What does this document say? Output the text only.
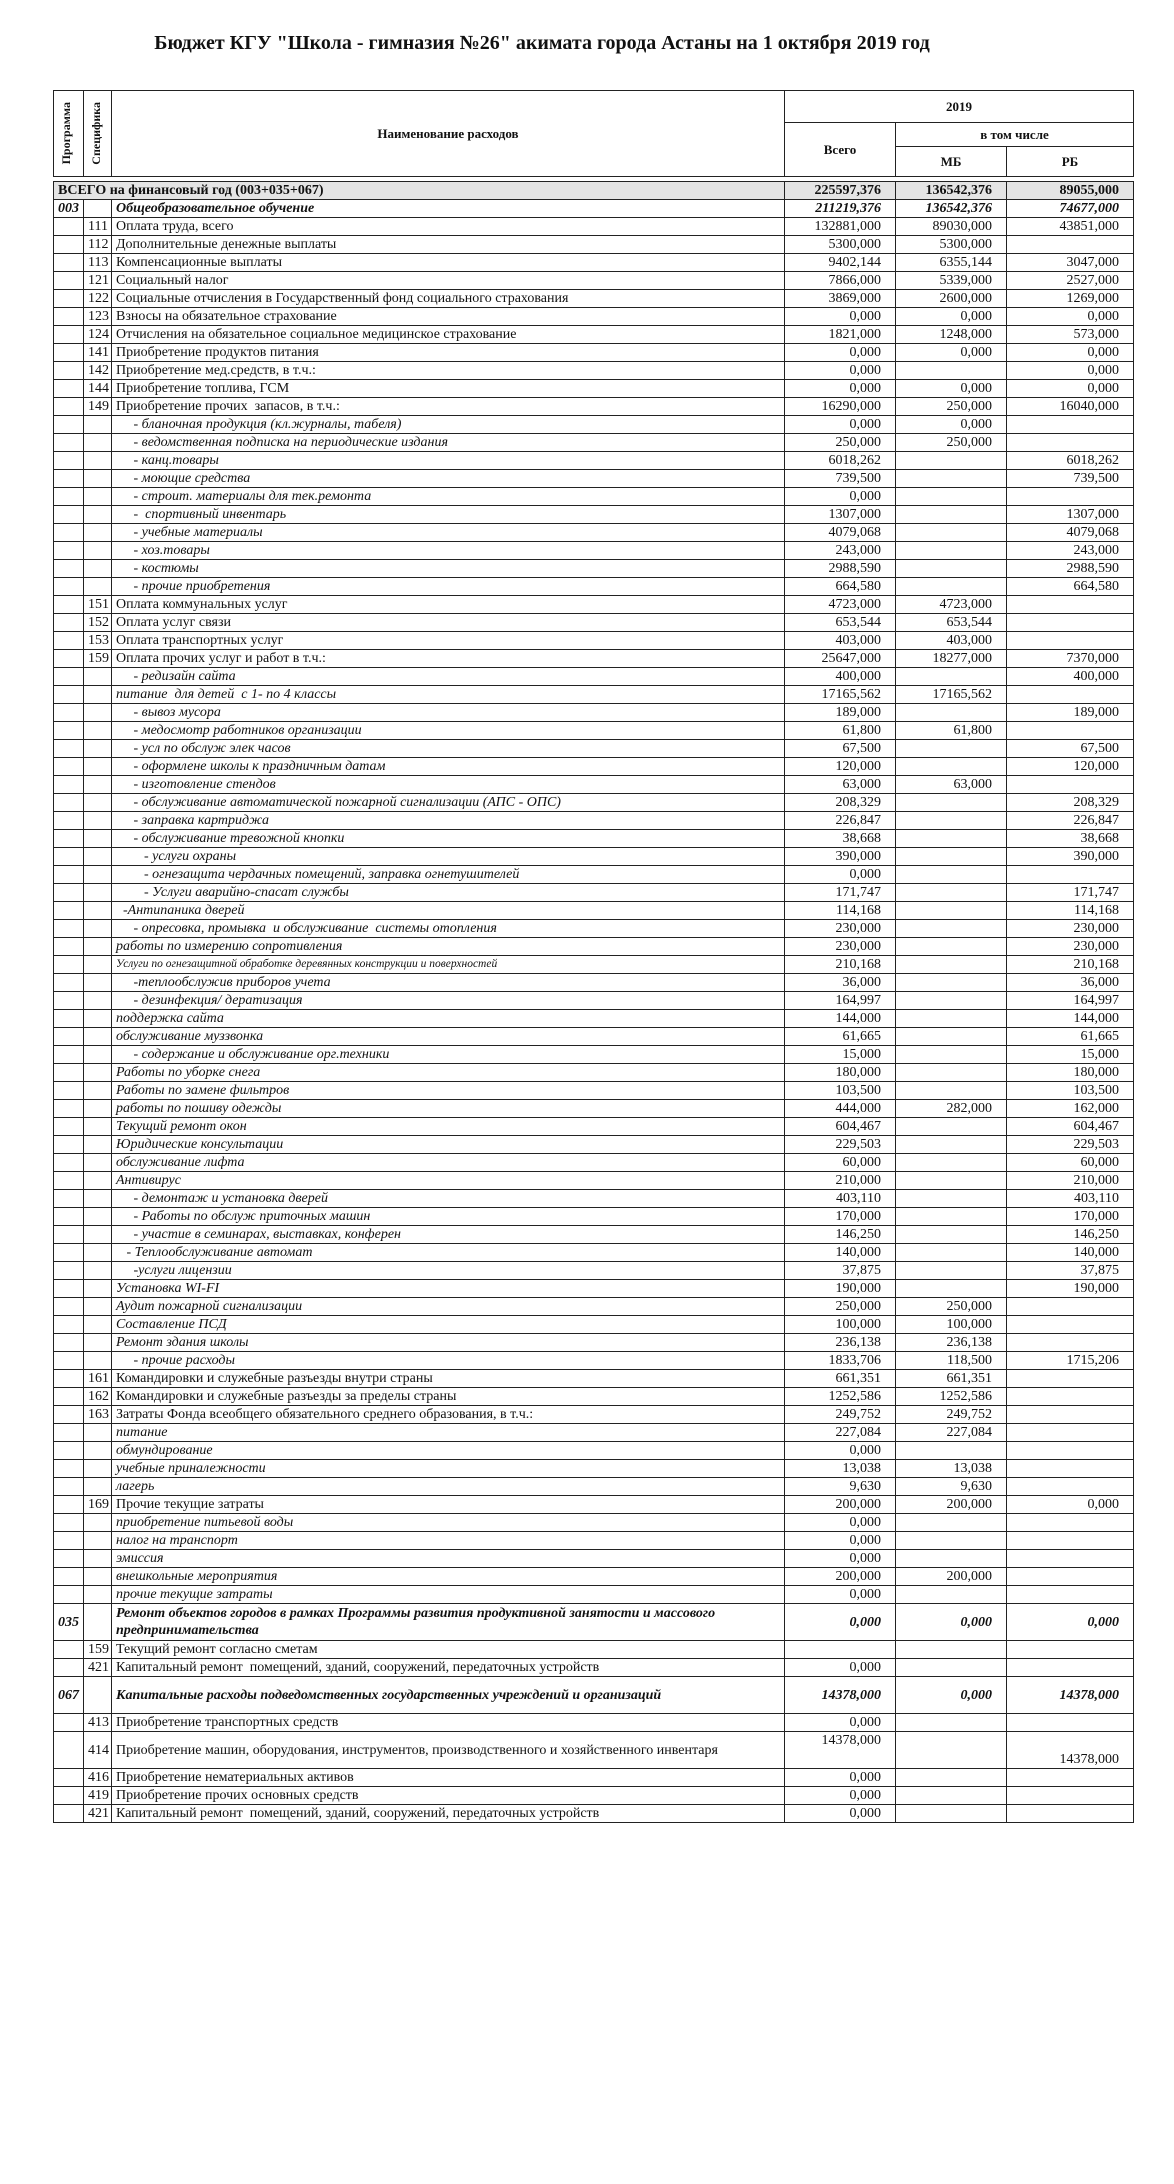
Бюджет КГУ "Школа - гимназия №26" акимата города Астаны на 1 октября 2019 год
Программа	Специфика	Наименование расходов	2019		
			Всего	в том числе	
				МБ	РБ

ВСЕГО на финансовый год (003+035+067)			225597,376	136542,376	89055,000
003		Общеобразовательное обучение	211219,376	136542,376	74677,000
	111	Оплата труда, всего	132881,000	89030,000	43851,000
	112	Дополнительные денежные выплаты	5300,000	5300,000	
	113	Компенсационные выплаты	9402,144	6355,144	3047,000
	121	Социальный налог	7866,000	5339,000	2527,000
	122	Социальные отчисления в Государственный фонд социального страхования	3869,000	2600,000	1269,000
	123	Взносы на обязательное страхование	0,000	0,000	0,000
	124	Отчисления на обязательное социальное медицинское страхование	1821,000	1248,000	573,000
	141	Приобретение продуктов питания	0,000	0,000	0,000
	142	Приобретение мед.средств, в т.ч.:	0,000		0,000
	144	Приобретение топлива, ГСМ	0,000	0,000	0,000
	149	Приобретение прочих  запасов, в т.ч.:	16290,000	250,000	16040,000
		- бланочная продукция (кл.журналы, табеля)	0,000	0,000	
		- ведомственная подписка на периодические издания	250,000	250,000	
		- канц.товары	6018,262		6018,262
		- моющие средства	739,500		739,500
		- строит. материалы для тек.ремонта	0,000		
		-  спортивный инвентарь	1307,000		1307,000
		- учебные материалы	4079,068		4079,068
		- хоз.товары	243,000		243,000
		- костюмы	2988,590		2988,590
		- прочие приобретения	664,580		664,580
	151	Оплата коммунальных услуг	4723,000	4723,000	
	152	Оплата услуг связи	653,544	653,544	
	153	Оплата транспортных услуг	403,000	403,000	
	159	Оплата прочих услуг и работ в т.ч.:	25647,000	18277,000	7370,000
		- редизайн сайта	400,000		400,000
		питание  для детей  с 1- по 4 классы	17165,562	17165,562	
		- вывоз мусора	189,000		189,000
		- медосмотр работников организации	61,800	61,800	
		- усл по обслуж элек часов	67,500		67,500
		- оформлене школы к праздничным датам	120,000		120,000
		- изготовление стендов	63,000	63,000	
		- обслуживание автоматической пожарной сигнализации (АПС - ОПС)	208,329		208,329
		- заправка картриджа	226,847		226,847
		- обслуживание тревожной кнопки	38,668		38,668
		- услуги охраны	390,000		390,000
		- огнезащита чердачных помещений, заправка огнетушителей	0,000		
		- Услуги аварийно-спасат службы	171,747		171,747
		-Антипаника дверей	114,168		114,168
		- опресовка, промывка  и обслуживание  системы отопления	230,000		230,000
		работы по измерению сопротивления	230,000		230,000
		Услуги по огнезащитной обработке деревянных конструкции и поверхностей	210,168		210,168
		-теплообслужив приборов учета	36,000		36,000
		- дезинфекция/ дератизация	164,997		164,997
		поддержка сайта	144,000		144,000
		обслуживание муззвонка	61,665		61,665
		- содержание и обслуживание орг.техники	15,000		15,000
		Работы по уборке снега	180,000		180,000
		Работы по замене фильтров	103,500		103,500
		работы по пошиву одежды	444,000	282,000	162,000
		Текущий ремонт окон	604,467		604,467
		Юридические консультации	229,503		229,503
		обслуживание лифта	60,000		60,000
		Антивирус	210,000		210,000
		- демонтаж и установка дверей	403,110		403,110
		- Работы по обслуж приточных машин	170,000		170,000
		- участие в семинарах, выставках, конферен	146,250		146,250
		- Теплообслуживание автомат	140,000		140,000
		-услуги лицензии	37,875		37,875
		Установка WI-FI	190,000		190,000
		Аудит пожарной сигнализации	250,000	250,000	
		Составление ПСД	100,000	100,000	
		Ремонт здания школы	236,138	236,138	
		- прочие расходы	1833,706	118,500	1715,206
	161	Командировки и служебные разъезды внутри страны	661,351	661,351	
	162	Командировки и служебные разъезды за пределы страны	1252,586	1252,586	
	163	Затраты Фонда всеобщего обязательного среднего образования, в т.ч.:	249,752	249,752	
		питание	227,084	227,084	
		обмундирование	0,000		
		учебные приналежности	13,038	13,038	
		лагерь	9,630	9,630	
	169	Прочие текущие затраты	200,000	200,000	0,000
		приобретение питьевой воды	0,000		
		налог на транспорт	0,000		
		эмиссия	0,000		
		внешкольные мероприятия	200,000	200,000	
		прочие текущие затраты	0,000		
035		Ремонт объектов городов в рамках Программы развития продуктивной занятости и массового предпринимательства	0,000	0,000	0,000
	159	Текущий ремонт согласно сметам			
	421	Капитальный ремонт  помещений, зданий, сооружений, передаточных устройств	0,000		
067		Капитальные расходы подведомственных государственных учреждений и организаций	14378,000	0,000	14378,000
	413	Приобретение транспортных средств	0,000		
	414	Приобретение машин, оборудования, инструментов, производственного и хозяйственного инвентаря	14378,000		14378,000
	416	Приобретение нематериальных активов	0,000		
	419	Приобретение прочих основных средств	0,000		
	421	Капитальный ремонт  помещений, зданий, сооружений, передаточных устройств	0,000		
